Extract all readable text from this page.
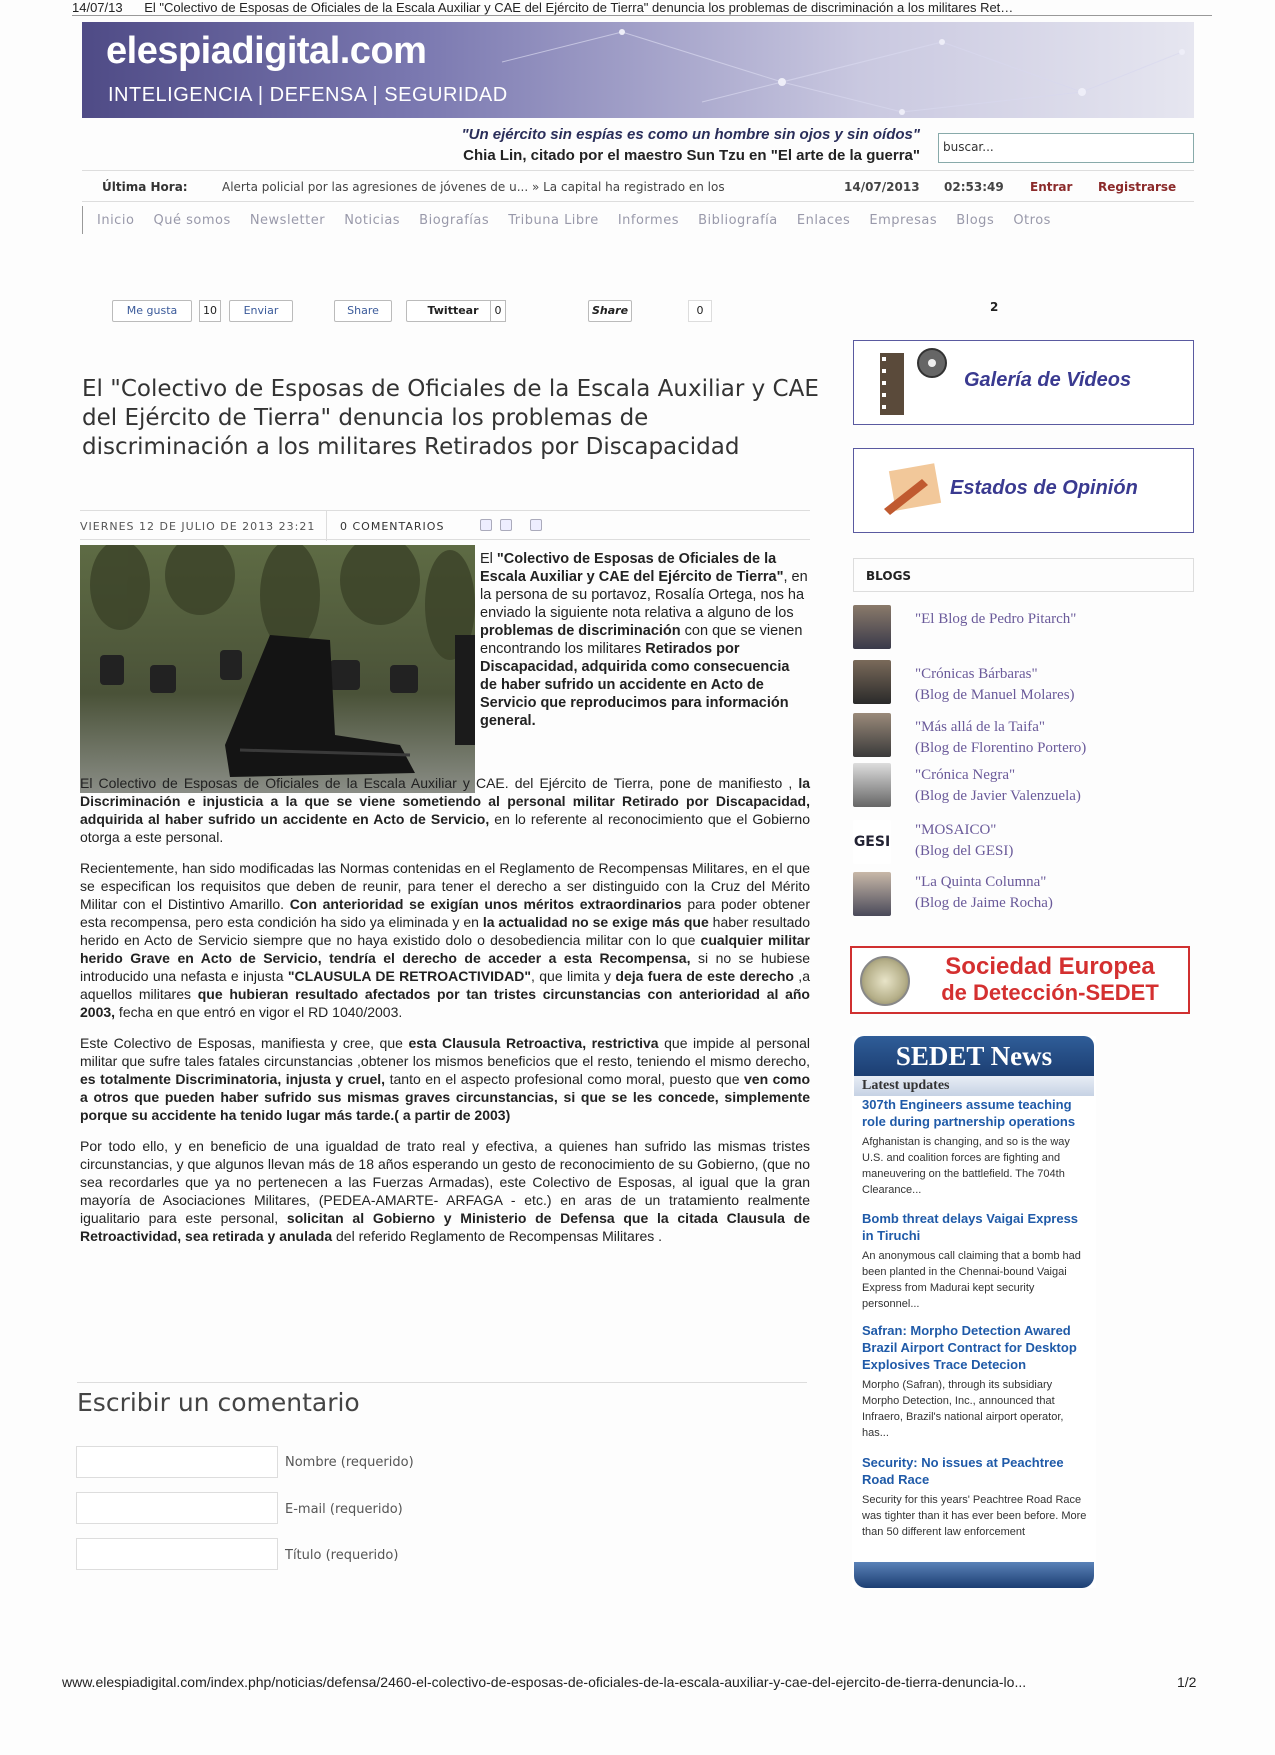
14/07/13 El "Colectivo de Esposas de Oficiales de la Escala Auxiliar y CAE del Ejército de Tierra" denuncia los problemas de discriminación a los militares Ret…
elespiadigital.com
INTELIGENCIA | DEFENSA | SEGURIDAD
"Un ejército sin espías es como un hombre sin ojos y sin oídos"
Chia Lin, citado por el maestro Sun Tzu en "El arte de la guerra"	buscar...
Última Hora:	Alerta policial por las agresiones de jóvenes de u... » La capital ha registrado en los	14/07/2013 02:53:49 Entrar Registrarse
Inicio Qué somos Newsletter Noticias Biografías Tribuna Libre Informes Bibliografía Enlaces Empresas Blogs Otros
Me gusta	10	Enviar	Share	Twittear	0	Share	0	2
El "Colectivo de Esposas de Oficiales de la Escala Auxiliar y CAE del Ejército de Tierra" denuncia los problemas de discriminación a los militares Retirados por Discapacidad
VIERNES 12 DE JULIO DE 2013 23:21 0 COMENTARIOS

El "Colectivo de Esposas de Oficiales de la Escala Auxiliar y CAE del Ejército de Tierra", en la persona de su portavoz, Rosalía Ortega, nos ha enviado la siguiente nota relativa a alguno de los problemas de discriminación con que se vienen encontrando los militares Retirados por Discapacidad, adquirida como consecuencia de haber sufrido un accidente en Acto de Servicio que reproducimos para información general.

El Colectivo de Esposas de Oficiales de la Escala Auxiliar y CAE. del Ejército de Tierra, pone de manifiesto , la Discriminación e injusticia a la que se viene sometiendo al personal militar Retirado por Discapacidad, adquirida al haber sufrido un accidente en Acto de Servicio, en lo referente al reconocimiento que el Gobierno otorga a este personal.

Recientemente, han sido modificadas las Normas contenidas en el Reglamento de Recompensas Militares, en el que se especifican los requisitos que deben de reunir, para tener el derecho a ser distinguido con la Cruz del Mérito Militar con el Distintivo Amarillo. Con anterioridad se exigían unos méritos extraordinarios para poder obtener esta recompensa, pero esta condición ha sido ya eliminada y en la actualidad no se exige más que haber resultado herido en Acto de Servicio siempre que no haya existido dolo o desobediencia militar con lo que cualquier militar herido Grave en Acto de Servicio, tendría el derecho de acceder a esta Recompensa, si no se hubiese introducido una nefasta e injusta "CLAUSULA DE RETROACTIVIDAD", que limita y deja fuera de este derecho ,a aquellos militares que hubieran resultado afectados por tan tristes circunstancias con anterioridad al año 2003, fecha en que entró en vigor el RD 1040/2003.

Este Colectivo de Esposas, manifiesta y cree, que esta Clausula Retroactiva, restrictiva que impide al personal militar que sufre tales fatales circunstancias ,obtener los mismos beneficios que el resto, teniendo el mismo derecho, es totalmente Discriminatoria, injusta y cruel, tanto en el aspecto profesional como moral, puesto que ven como a otros que pueden haber sufrido sus mismas graves circunstancias, si que se les concede, simplemente porque su accidente ha tenido lugar más tarde.( a partir de 2003)

Por todo ello, y en beneficio de una igualdad de trato real y efectiva, a quienes han sufrido las mismas tristes circunstancias, y que algunos llevan más de 18 años esperando un gesto de reconocimiento de su Gobierno, (que no sea recordarles que ya no pertenecen a las Fuerzas Armadas), este Colectivo de Esposas, al igual que la gran mayoría de Asociaciones Militares, (PEDEA-AMARTE- ARFAGA - etc.) en aras de un tratamiento realmente igualitario para este personal, solicitan al Gobierno y Ministerio de Defensa que la citada Clausula de Retroactividad, sea retirada y anulada del referido Reglamento de Recompensas Militares .

Escribir un comentario
Nombre (requerido)
E-mail (requerido)
Título (requerido)
Galería de Videos
Estados de Opinión
BLOGS
"El Blog de Pedro Pitarch"
"Crónicas Bárbaras"
(Blog de Manuel Molares)
"Más allá de la Taifa"
(Blog de Florentino Portero)
"Crónica Negra"
(Blog de Javier Valenzuela)
GESI
"MOSAICO"
(Blog del GESI)
"La Quinta Columna"
(Blog de Jaime Rocha)
Sociedad Europea
de Detección-SEDET
SEDET News
Latest updates
307th Engineers assume teaching role during partnership operations
Afghanistan is changing, and so is the way U.S. and coalition forces are fighting and maneuvering on the battlefield. The 704th Clearance...
Bomb threat delays Vaigai Express in Tiruchi
An anonymous call claiming that a bomb had been planted in the Chennai-bound Vaigai Express from Madurai kept security personnel...
Safran: Morpho Detection Awared Brazil Airport Contract for Desktop Explosives Trace Detecion
Morpho (Safran), through its subsidiary Morpho Detection, Inc., announced that Infraero, Brazil's national airport operator, has...
Security: No issues at Peachtree Road Race
Security for this years' Peachtree Road Race was tighter than it has ever been before. More than 50 different law enforcement
www.elespiadigital.com/index.php/noticias/defensa/2460-el-colectivo-de-esposas-de-oficiales-de-la-escala-auxiliar-y-cae-del-ejercito-de-tierra-denuncia-lo...	1/2
